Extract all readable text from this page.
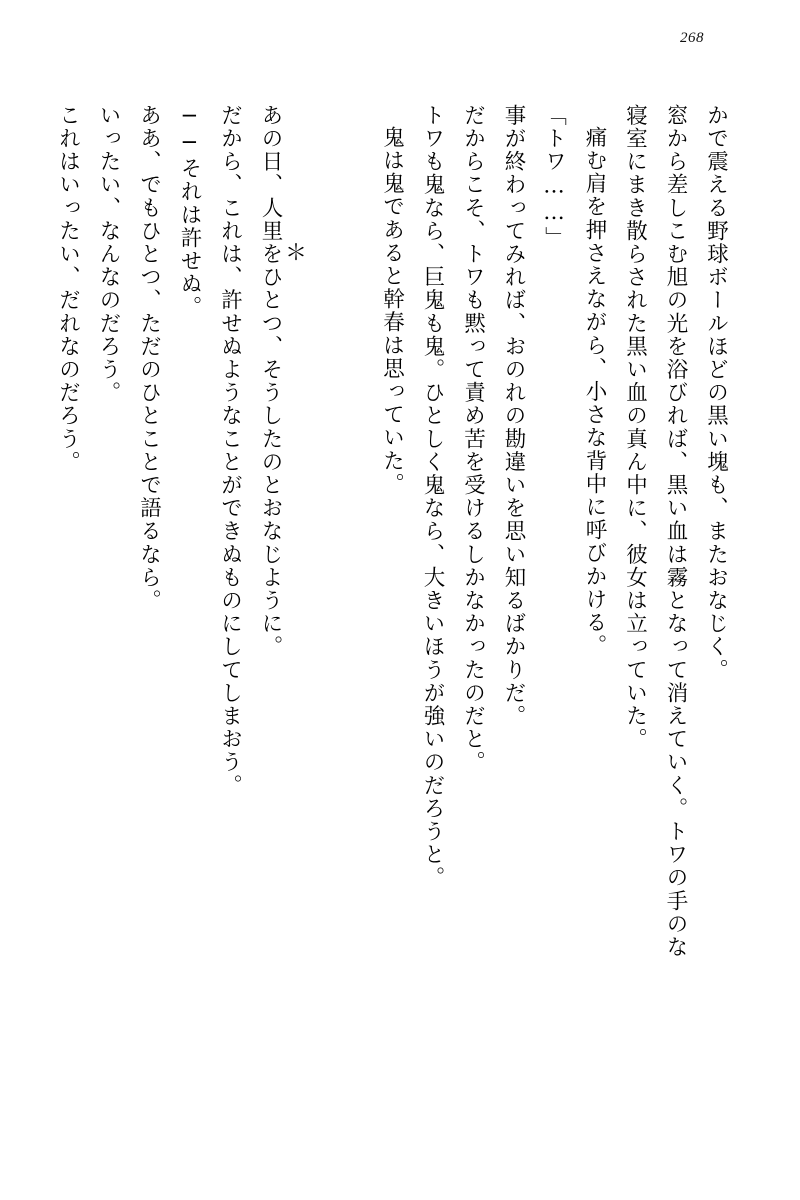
268
＊
これはいったい、だれなのだろう。 いったい、なんなのだろう。 ああ、でもひとつ、ただのひとことで語るなら。 ──それは許せぬ。 だから、これは、許せぬようなことができぬものにしてしまおう。 あの日、人里をひとつ、そうしたのとおなじように。	鬼は鬼であると幹春は思っていた。 トワも鬼なら、巨鬼も鬼。ひとしく鬼なら、大きいほうが強いのだろうと。 だからこそ、トワも黙って責め苦を受けるしかなかったのだと。 事が終わってみれば、おのれの勘違いを思い知るばかりだ。 「トワ……」 痛む肩を押さえながら、小さな背中に呼びかける。 寝室にまき散らされた黒い血の真ん中に、彼女は立っていた。 窓から差しこむ旭の光を浴びれば、黒い血は霧となって消えていく。トワの手のな かで震える野球ボールほどの黒い塊も、またおなじく。
